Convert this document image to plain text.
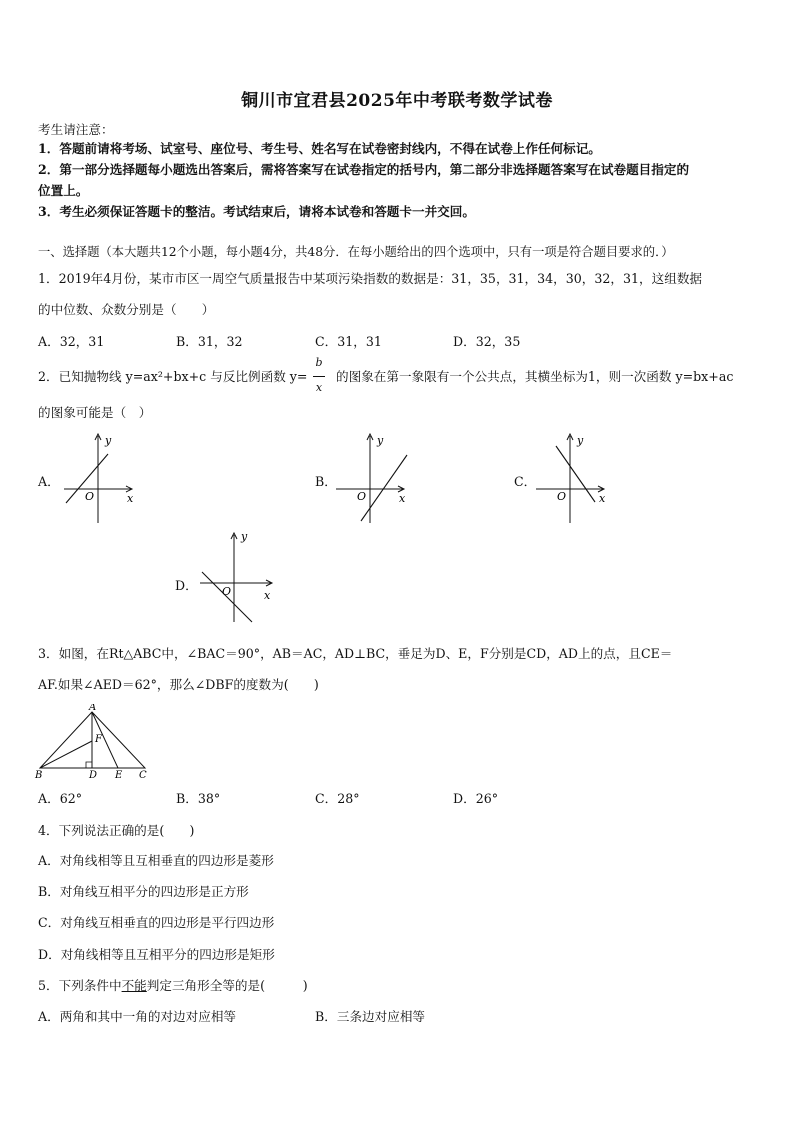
铜川市宜君县2025年中考联考数学试卷
考生请注意：
1．答题前请将考场、试室号、座位号、考生号、姓名写在试卷密封线内，不得在试卷上作任何标记。
2．第一部分选择题每小题选出答案后，需将答案写在试卷指定的括号内，第二部分非选择题答案写在试卷题目指定的
位置上。
3．考生必须保证答题卡的整洁。考试结束后，请将本试卷和答题卡一并交回。
一、选择题（本大题共12个小题，每小题4分，共48分．在每小题给出的四个选项中，只有一项是符合题目要求的．）
1．2019年4月份，某市市区一周空气质量报告中某项污染指数的数据是：31，35，31，34，30，32，31，这组数据
的中位数、众数分别是（　　）
A．32，31	B．31，32	C．31，31	D．32，35
2．已知抛物线 y=ax²+bx+c 与反比例函数 y=
b
x
的图象在第一象限有一个公共点，其横坐标为1，则一次函数 y=bx+ac
的图象可能是（　）
A．	B．	C．
D．
y
x
O
y
x
O
y
x
O
y
x
O
3．如图，在Rt△ABC中，∠BAC＝90°，AB＝AC，AD⊥BC，垂足为D、E，F分别是CD，AD上的点，且CE＝
AF.如果∠AED＝62°，那么∠DBF的度数为(　　)
A
F
B	D E C
A．62°	B．38°	C．28°	D．26°
4．下列说法正确的是(　　)
A．对角线相等且互相垂直的四边形是菱形
B．对角线互相平分的四边形是正方形
C．对角线互相垂直的四边形是平行四边形
D．对角线相等且互相平分的四边形是矩形
5．下列条件中不能判定三角形全等的是(　　　)
A．两角和其中一角的对边对应相等	B．三条边对应相等
